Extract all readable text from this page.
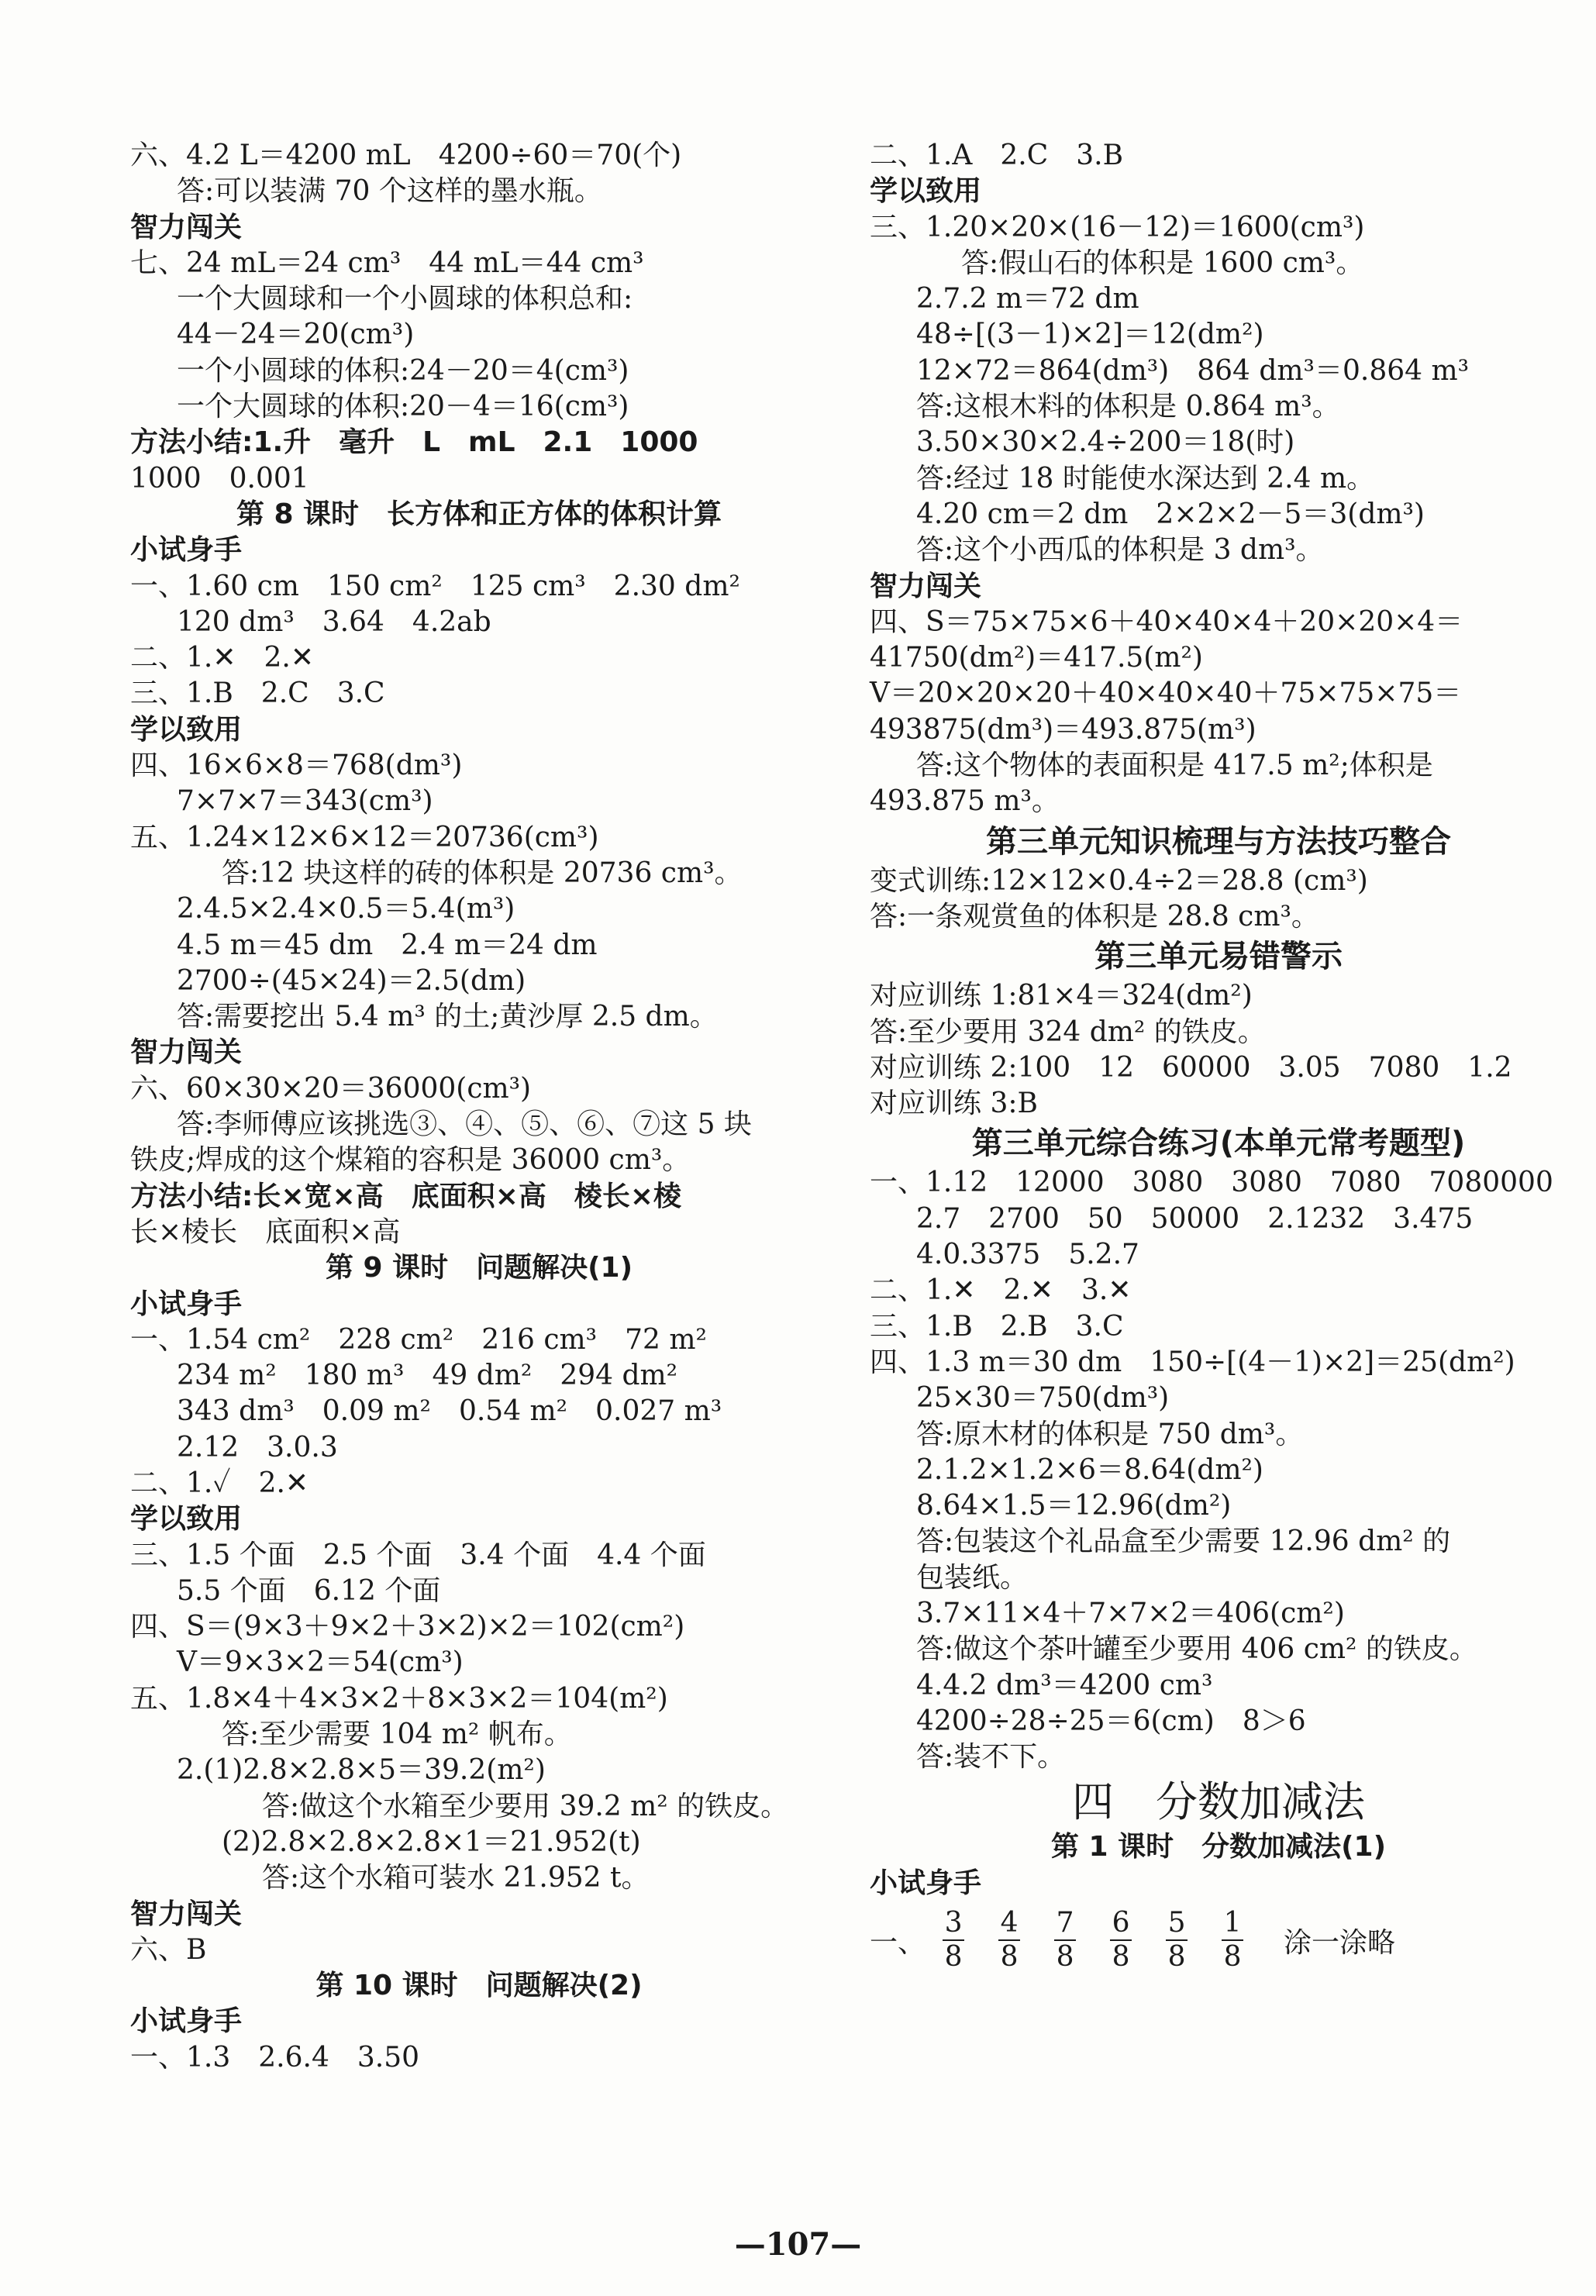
六、4.2 L＝4200 mL　4200÷60＝70(个)
答:可以装满 70 个这样的墨水瓶。
智力闯关
七、24 mL＝24 cm³　44 mL＝44 cm³
一个大圆球和一个小圆球的体积总和:
44－24＝20(cm³)
一个小圆球的体积:24－20＝4(cm³)
一个大圆球的体积:20－4＝16(cm³)
方法小结:1.升　毫升　L　mL　2.1　1000
1000　0.001
第 8 课时　长方体和正方体的体积计算
小试身手
一、1.60 cm　150 cm²　125 cm³　2.30 dm²
120 dm³　3.64　4.2ab
二、1.✕　2.✕
三、1.B　2.C　3.C
学以致用
四、16×6×8＝768(dm³)
7×7×7＝343(cm³)
五、1.24×12×6×12＝20736(cm³)
答:12 块这样的砖的体积是 20736 cm³。
2.4.5×2.4×0.5＝5.4(m³)
4.5 m＝45 dm　2.4 m＝24 dm
2700÷(45×24)＝2.5(dm)
答:需要挖出 5.4 m³ 的土;黄沙厚 2.5 dm。
智力闯关
六、60×30×20＝36000(cm³)
答:李师傅应该挑选③、④、⑤、⑥、⑦这 5 块
铁皮;焊成的这个煤箱的容积是 36000 cm³。
方法小结:长×宽×高　底面积×高　棱长×棱
长×棱长　底面积×高
第 9 课时　问题解决(1)
小试身手
一、1.54 cm²　228 cm²　216 cm³　72 m²
234 m²　180 m³　49 dm²　294 dm²
343 dm³　0.09 m²　0.54 m²　0.027 m³
2.12　3.0.3
二、1.✓　2.✕
学以致用
三、1.5 个面　2.5 个面　3.4 个面　4.4 个面
5.5 个面　6.12 个面
四、S＝(9×3＋9×2＋3×2)×2＝102(cm²)
V＝9×3×2＝54(cm³)
五、1.8×4＋4×3×2＋8×3×2＝104(m²)
答:至少需要 104 m² 帆布。
2.(1)2.8×2.8×5＝39.2(m²)
答:做这个水箱至少要用 39.2 m² 的铁皮。
(2)2.8×2.8×2.8×1＝21.952(t)
答:这个水箱可装水 21.952 t。
智力闯关
六、B
第 10 课时　问题解决(2)
小试身手
一、1.3　2.6.4　3.50
二、1.A　2.C　3.B
学以致用
三、1.20×20×(16－12)＝1600(cm³)
答:假山石的体积是 1600 cm³。
2.7.2 m＝72 dm
48÷[(3－1)×2]＝12(dm²)
12×72＝864(dm³)　864 dm³＝0.864 m³
答:这根木料的体积是 0.864 m³。
3.50×30×2.4÷200＝18(时)
答:经过 18 时能使水深达到 2.4 m。
4.20 cm＝2 dm　2×2×2－5＝3(dm³)
答:这个小西瓜的体积是 3 dm³。
智力闯关
四、S＝75×75×6＋40×40×4＋20×20×4＝
41750(dm²)＝417.5(m²)
V＝20×20×20＋40×40×40＋75×75×75＝
493875(dm³)＝493.875(m³)
答:这个物体的表面积是 417.5 m²;体积是
493.875 m³。
第三单元知识梳理与方法技巧整合
变式训练:12×12×0.4÷2＝28.8 (cm³)
答:一条观赏鱼的体积是 28.8 cm³。
第三单元易错警示
对应训练 1:81×4＝324(dm²)
答:至少要用 324 dm² 的铁皮。
对应训练 2:100　12　60000　3.05　7080　1.2
对应训练 3:B
第三单元综合练习(本单元常考题型)
一、1.12　12000　3080　3080　7080　7080000
2.7　2700　50　50000　2.1232　3.475
4.0.3375　5.2.7
二、1.✕　2.✕　3.✕
三、1.B　2.B　3.C
四、1.3 m＝30 dm　150÷[(4－1)×2]＝25(dm²)
25×30＝750(dm³)
答:原木材的体积是 750 dm³。
2.1.2×1.2×6＝8.64(dm²)
8.64×1.5＝12.96(dm²)
答:包装这个礼品盒至少需要 12.96 dm² 的
包装纸。
3.7×11×4＋7×7×2＝406(cm²)
答:做这个茶叶罐至少要用 406 cm² 的铁皮。
4.4.2 dm³＝4200 cm³
4200÷28÷25＝6(cm)　8＞6
答:装不下。
四　分数加减法
第 1 课时　分数加减法(1)
小试身手
一、 $\frac{3}{8} \frac{4}{8} \frac{7}{8} \frac{6}{8} \frac{5}{8} \frac{1}{8}$ 涂一涂略
—107—
